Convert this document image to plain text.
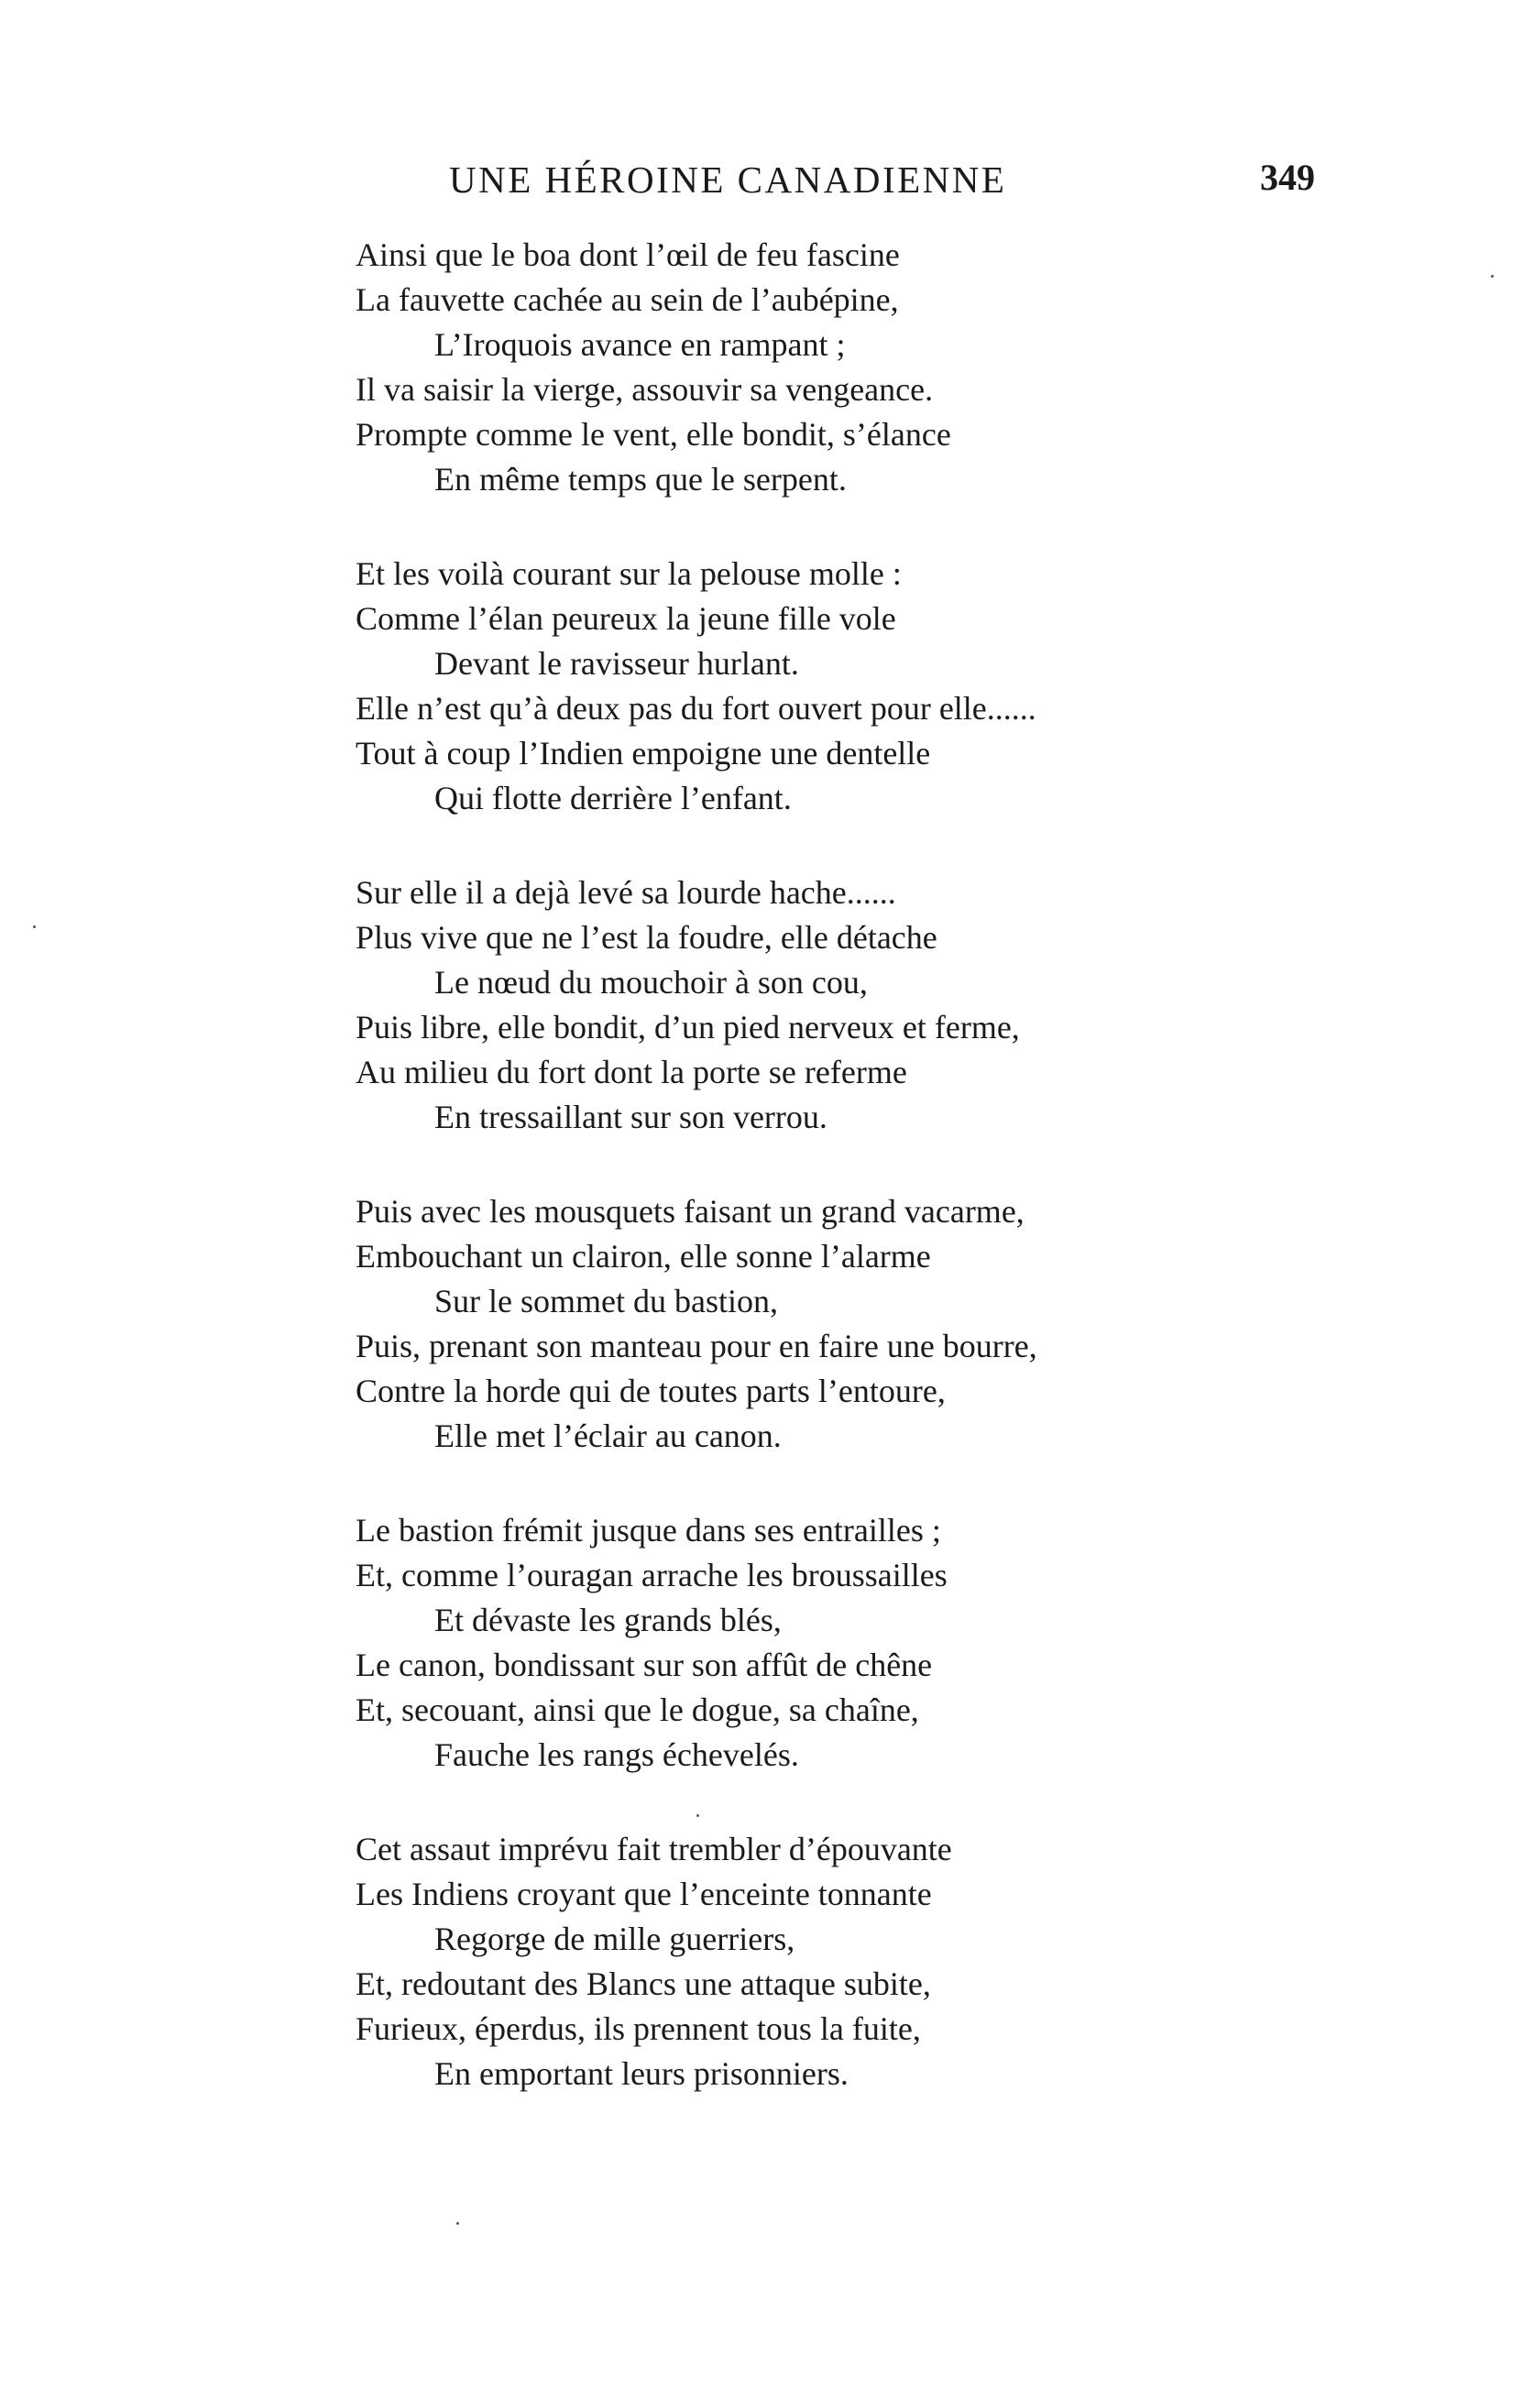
UNE HÉROINE CANADIENNE	349
Ainsi que le boa dont l’œil de feu fascine
La fauvette cachée au sein de l’aubépine,
L’Iroquois avance en rampant ;
Il va saisir la vierge, assouvir sa vengeance.
Prompte comme le vent, elle bondit, s’élance
En même temps que le serpent.
Et les voilà courant sur la pelouse molle :
Comme l’élan peureux la jeune fille vole
Devant le ravisseur hurlant.
Elle n’est qu’à deux pas du fort ouvert pour elle......
Tout à coup l’Indien empoigne une dentelle
Qui flotte derrière l’enfant.
Sur elle il a dejà levé sa lourde hache......
Plus vive que ne l’est la foudre, elle détache
Le nœud du mouchoir à son cou,
Puis libre, elle bondit, d’un pied nerveux et ferme,
Au milieu du fort dont la porte se referme
En tressaillant sur son verrou.
Puis avec les mousquets faisant un grand vacarme,
Embouchant un clairon, elle sonne l’alarme
Sur le sommet du bastion,
Puis, prenant son manteau pour en faire une bourre,
Contre la horde qui de toutes parts l’entoure,
Elle met l’éclair au canon.
Le bastion frémit jusque dans ses entrailles ;
Et, comme l’ouragan arrache les broussailles
Et dévaste les grands blés,
Le canon, bondissant sur son affût de chêne
Et, secouant, ainsi que le dogue, sa chaîne,
Fauche les rangs échevelés.
Cet assaut imprévu fait trembler d’épouvante
Les Indiens croyant que l’enceinte tonnante
Regorge de mille guerriers,
Et, redoutant des Blancs une attaque subite,
Furieux, éperdus, ils prennent tous la fuite,
En emportant leurs prisonniers.
